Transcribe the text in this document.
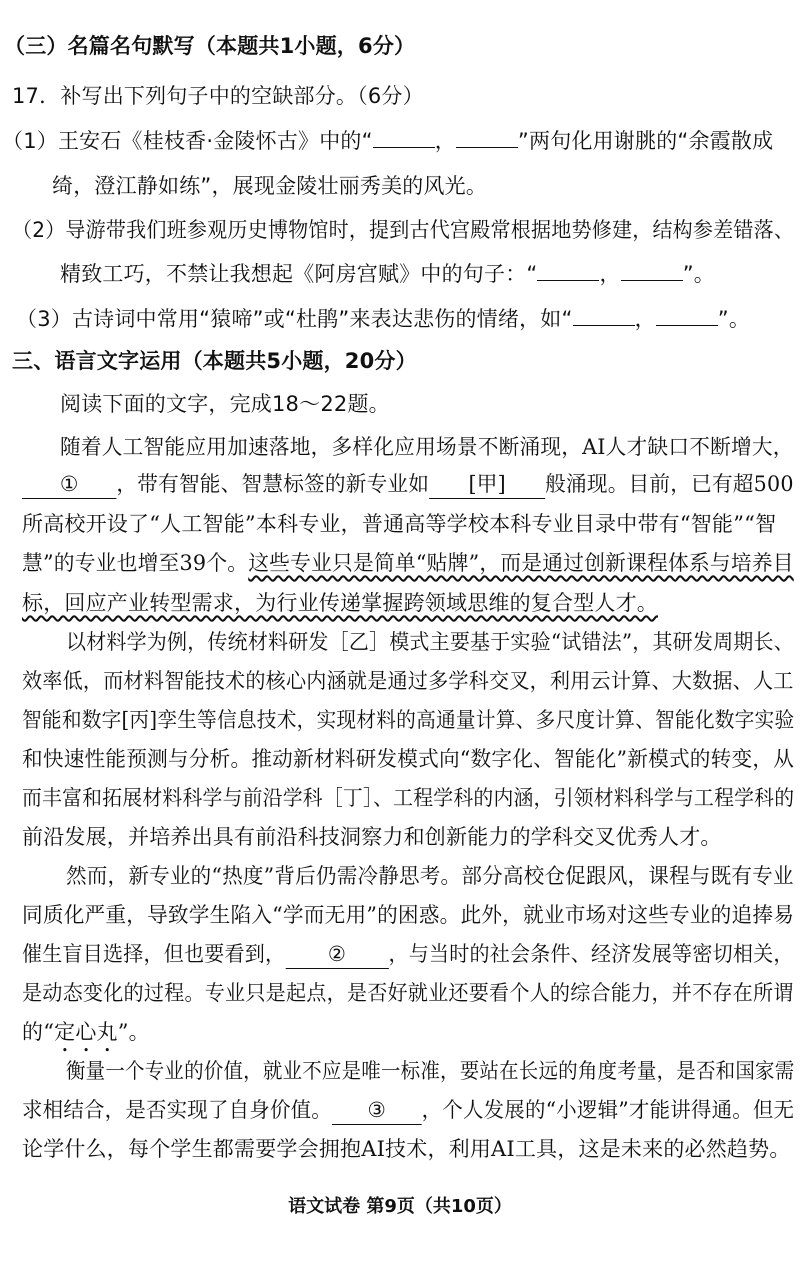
（三）名篇名句默写（本题共1小题，6分）
17．补写出下列句子中的空缺部分。（6分）
（1）王安石《桂枝香·金陵怀古》中的“	，	”两句化用谢朓的“余霞散成
绮，澄江静如练”，展现金陵壮丽秀美的风光。
（2）导游带我们班参观历史博物馆时，提到古代宫殿常根据地势修建，结构参差错落、
精致工巧，不禁让我想起《阿房宫赋》中的句子：“	，	”。
（3）古诗词中常用“猿啼”或“杜鹃”来表达悲伤的情绪，如“	，	”。
三、语言文字运用（本题共5小题，20分）
阅读下面的文字，完成18～22题。
随着人工智能应用加速落地，多样化应用场景不断涌现，AI人才缺口不断增大，
① ，带有智能、智慧标签的新专业如 [甲] 般涌现。目前，已有超500
所高校开设了“人工智能”本科专业，普通高等学校本科专业目录中带有“智能”“智
慧”的专业也增至39个。这些专业只是简单“贴牌”，而是通过创新课程体系与培养目
标，回应产业转型需求，为行业传递掌握跨领域思维的复合型人才。
以材料学为例，传统材料研发［乙］模式主要基于实验“试错法”，其研发周期长、
效率低，而材料智能技术的核心内涵就是通过多学科交叉，利用云计算、大数据、人工
智能和数字[丙]孪生等信息技术，实现材料的高通量计算、多尺度计算、智能化数字实验
和快速性能预测与分析。推动新材料研发模式向“数字化、智能化”新模式的转变，从
而丰富和拓展材料科学与前沿学科［丁］、工程学科的内涵，引领材料科学与工程学科的
前沿发展，并培养出具有前沿科技洞察力和创新能力的学科交叉优秀人才。
然而，新专业的“热度”背后仍需冷静思考。部分高校仓促跟风，课程与既有专业
同质化严重，导致学生陷入“学而无用”的困惑。此外，就业市场对这些专业的追捧易
催生盲目选择，但也要看到， ② ，与当时的社会条件、经济发展等密切相关，
是动态变化的过程。专业只是起点，是否好就业还要看个人的综合能力，并不存在所谓
的“定心丸”。
衡量一个专业的价值，就业不应是唯一标准，要站在长远的角度考量，是否和国家需
求相结合，是否实现了自身价值。 ③ ，个人发展的“小逻辑”才能讲得通。但无
论学什么，每个学生都需要学会拥抱AI技术，利用AI工具，这是未来的必然趋势。
语文试卷 第9页（共10页）
